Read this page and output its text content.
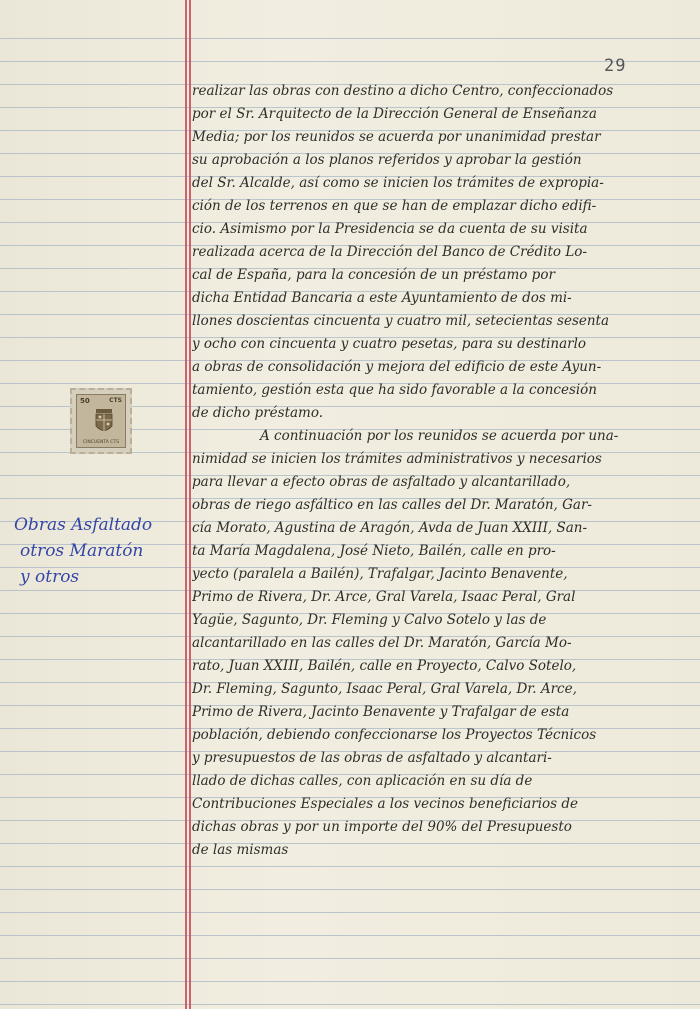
29
50	CTS
CINCUENTA CTS
Obras Asfaltado
otros Maratón
y otros
realizar las obras con destino a dicho Centro, confeccionados
por el Sr. Arquitecto de la Dirección General de Enseñanza
Media; por los reunidos se acuerda por unanimidad prestar
su aprobación a los planos referidos y aprobar la gestión
del Sr. Alcalde, así como se inicien los trámites de expropia-
ción de los terrenos en que se han de emplazar dicho edifi-
cio. Asimismo por la Presidencia se da cuenta de su visita
realizada acerca de la Dirección del Banco de Crédito Lo-
cal de España, para la concesión de un préstamo por
dicha Entidad Bancaria a este Ayuntamiento de dos mi-
llones doscientas cincuenta y cuatro mil, setecientas sesenta
y ocho con cincuenta y cuatro pesetas, para su destinarlo
a obras de consolidación y mejora del edificio de este Ayun-
tamiento, gestión esta que ha sido favorable a la concesión
de dicho préstamo.
A continuación por los reunidos se acuerda por una-
nimidad se inicien los trámites administrativos y necesarios
para llevar a efecto obras de asfaltado y alcantarillado,
obras de riego asfáltico en las calles del Dr. Maratón, Gar-
cía Morato, Agustina de Aragón, Avda de Juan XXIII, San-
ta María Magdalena, José Nieto, Bailén, calle en pro-
yecto (paralela a Bailén), Trafalgar, Jacinto Benavente,
Primo de Rivera, Dr. Arce, Gral Varela, Isaac Peral, Gral
Yagüe, Sagunto, Dr. Fleming y Calvo Sotelo y las de
alcantarillado en las calles del Dr. Maratón, García Mo-
rato, Juan XXIII, Bailén, calle en Proyecto, Calvo Sotelo,
Dr. Fleming, Sagunto, Isaac Peral, Gral Varela, Dr. Arce,
Primo de Rivera, Jacinto Benavente y Trafalgar de esta
población, debiendo confeccionarse los Proyectos Técnicos
y presupuestos de las obras de asfaltado y alcantari-
llado de dichas calles, con aplicación en su día de
Contribuciones Especiales a los vecinos beneficiarios de
dichas obras y por un importe del 90% del Presupuesto
de las mismas
